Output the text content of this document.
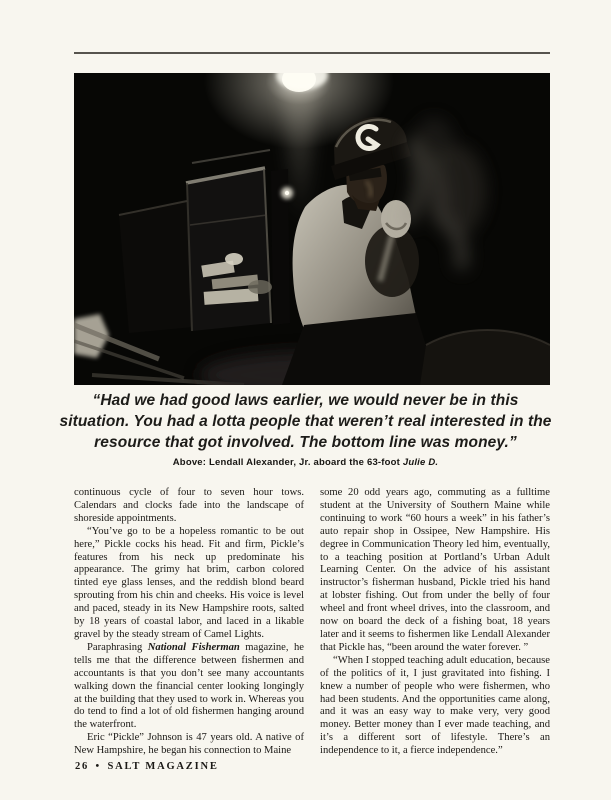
“Had we had good laws earlier, we would never be in this
situation. You had a lotta people that weren’t real interested in the
resource that got involved. The bottom line was money.”
Above: Lendall Alexander, Jr. aboard the 63-foot Julie D.

continuous cycle of four to seven hour tows. Calendars and clocks fade into the landscape of shoreside appointments.

“You’ve go to be a hopeless romantic to be out here,” Pickle cocks his head. Fit and firm, Pickle’s features from his neck up predominate his appearance. The grimy hat brim, carbon colored tinted eye glass lenses, and the reddish blond beard sprouting from his chin and cheeks. His voice is level and paced, steady in its New Hampshire roots, salted by 18 years of coastal labor, and laced in a likable gravel by the steady stream of Camel Lights.

Paraphrasing National Fisherman magazine, he tells me that the difference between fishermen and accountants is that you don’t see many accountants walking down the financial center looking longingly at the building that they used to work in. Whereas you do tend to find a lot of old fishermen hanging around the waterfront.

Eric “Pickle” Johnson is 47 years old. A native of New Hampshire, he began his connection to Maine

some 20 odd years ago, commuting as a fulltime student at the University of Southern Maine while continuing to work “60 hours a week” in his father’s auto repair shop in Ossipee, New Hampshire. His degree in Communication Theory led him, eventually, to a teaching position at Portland’s Urban Adult Learning Center. On the advice of his assistant instructor’s fisherman husband, Pickle tried his hand at lobster fishing. Out from under the belly of four wheel and front wheel drives, into the classroom, and now on board the deck of a fishing boat, 18 years later and it seems to fishermen like Lendall Alexander that Pickle has, “been around the water forever. ”

“When I stopped teaching adult education, because of the politics of it, I just gravitated into fishing. I knew a number of people who were fishermen, who had been students. And the opportunities came along, and it was an easy way to make very, very good money. Better money than I ever made teaching, and it’s a different sort of lifestyle. There’s an independence to it, a fierce independence.”

26 • SALT MAGAZINE
